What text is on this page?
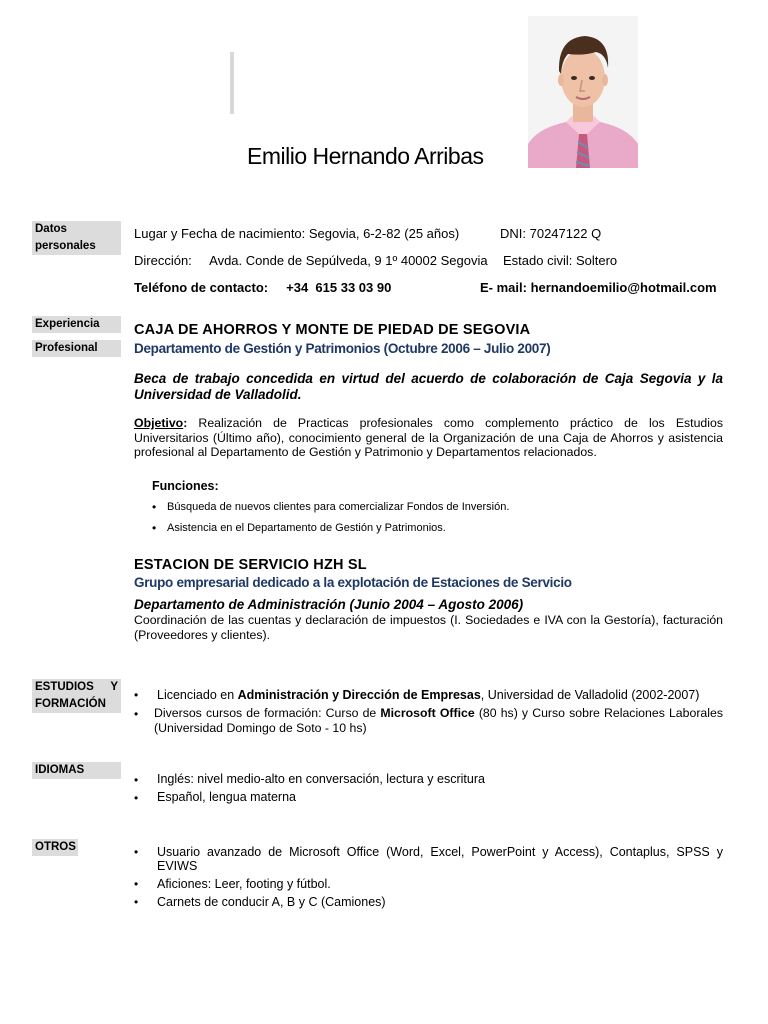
Emilio Hernando Arribas
Datos
personales
Lugar y Fecha de nacimiento: Segovia, 6-2-82 (25 años)	DNI: 70247122 Q
Dirección:     Avda. Conde de Sepúlveda, 9 1º 40002 Segovia Estado civil: Soltero
Teléfono de contacto:     +34  615 33 03 90	E- mail: hernandoemilio@hotmail.com
Experiencia
Profesional
CAJA DE AHORROS Y MONTE DE PIEDAD DE SEGOVIA
Departamento de Gestión y Patrimonios (Octubre 2006 – Julio 2007)
Beca de trabajo concedida en virtud del acuerdo de colaboración de Caja Segovia y la Universidad de Valladolid.
Objetivo: Realización de Practicas profesionales como complemento práctico de los Estudios Universitarios (Último año), conocimiento general de la Organización de una Caja de Ahorros y asistencia profesional al Departamento de Gestión y Patrimonio y Departamentos relacionados.
Funciones:
• Búsqueda de nuevos clientes para comercializar Fondos de Inversión.
• Asistencia en el Departamento de Gestión y Patrimonios.
ESTACION DE SERVICIO HZH SL
Grupo empresarial dedicado a la explotación de Estaciones de Servicio
Departamento de Administración (Junio 2004 – Agosto 2006)
Coordinación de las cuentas y declaración de impuestos (I. Sociedades e IVA con la Gestoría), facturación (Proveedores y clientes).
ESTUDIOS Y
FORMACIÓN
• Licenciado en Administración y Dirección de Empresas, Universidad de Valladolid (2002-2007)
• Diversos cursos de formación: Curso de Microsoft Office (80 hs) y Curso sobre Relaciones Laborales (Universidad Domingo de Soto - 10 hs)
IDIOMAS
• Inglés: nivel medio-alto en conversación, lectura y escritura
• Español, lengua materna
OTROS	• Usuario avanzado de Microsoft Office (Word, Excel, PowerPoint y Access), Contaplus, SPSS y EVIWS
• Aficiones: Leer, footing y fútbol.
• Carnets de conducir A, B y C (Camiones)
